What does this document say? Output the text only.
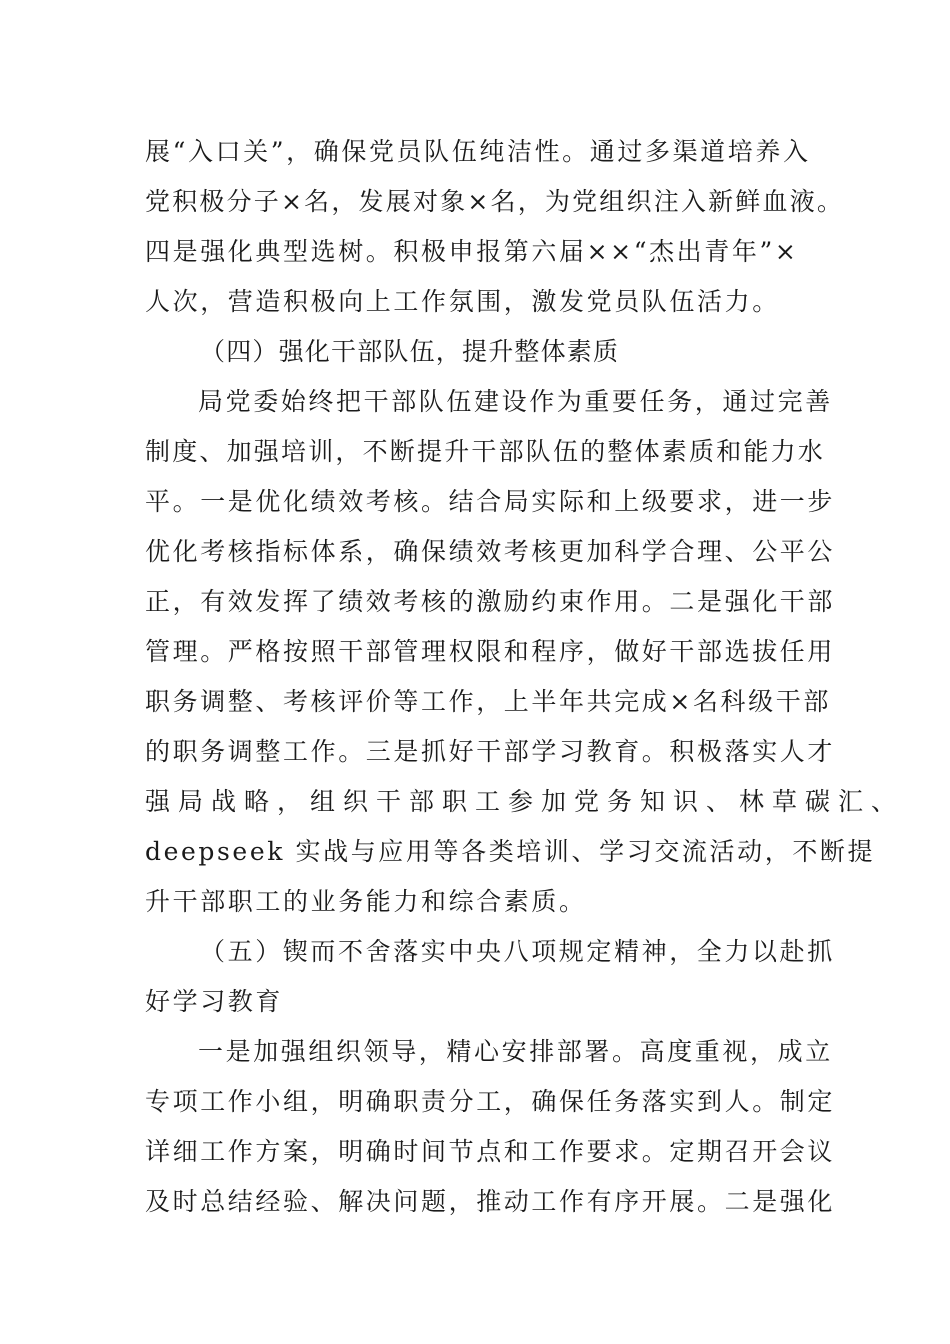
展“入口关”，确保党员队伍纯洁性。通过多渠道培养入
党积极分子×名，发展对象×名，为党组织注入新鲜血液。
四是强化典型选树。积极申报第六届××“杰出青年”×
人次，营造积极向上工作氛围，激发党员队伍活力。
（四）强化干部队伍，提升整体素质
局党委始终把干部队伍建设作为重要任务，通过完善
制度、加强培训，不断提升干部队伍的整体素质和能力水
平。一是优化绩效考核。结合局实际和上级要求，进一步
优化考核指标体系，确保绩效考核更加科学合理、公平公
正，有效发挥了绩效考核的激励约束作用。二是强化干部
管理。严格按照干部管理权限和程序，做好干部选拔任用
职务调整、考核评价等工作，上半年共完成×名科级干部
的职务调整工作。三是抓好干部学习教育。积极落实人才
强局战略，组织干部职工参加党务知识、林草碳汇、
deepseek 实战与应用等各类培训、学习交流活动，不断提
升干部职工的业务能力和综合素质。
（五）锲而不舍落实中央八项规定精神，全力以赴抓
好学习教育
一是加强组织领导，精心安排部署。高度重视，成立
专项工作小组，明确职责分工，确保任务落实到人。制定
详细工作方案，明确时间节点和工作要求。定期召开会议
及时总结经验、解决问题，推动工作有序开展。二是强化
